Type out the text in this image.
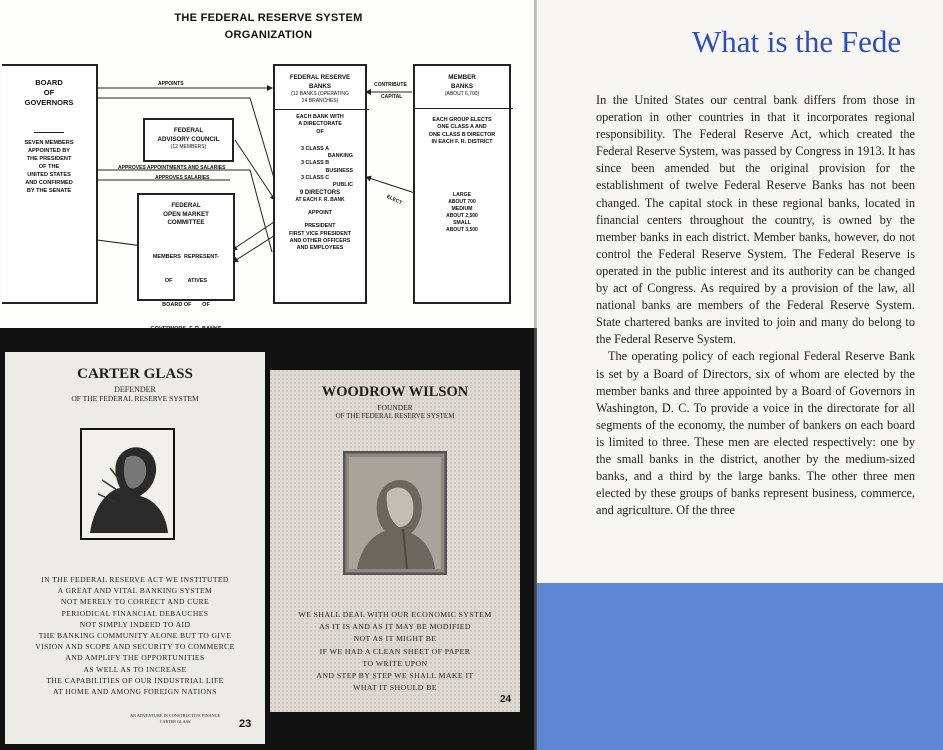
THE FEDERAL RESERVE SYSTEM
ORGANIZATION
BOARD
OF
GOVERNORS
SEVEN MEMBERS
APPOINTED BY
THE PRESIDENT
OF THE
UNITED STATES
AND CONFIRMED
BY THE SENATE
FEDERAL
ADVISORY COUNCIL
(12 MEMBERS)
FEDERAL
OPEN MARKET
COMMITTEE

MEMBERS  REPRESENT-

OF          ATIVES

BOARD OF       OF

GOVERNORS  F. R. BANKS

FEDERAL RESERVE
BANKS
(12 BANKS (OPERATING
24 BRANCHES)
EACH BANK WITH
A DIRECTORATE
OF
3 CLASS A
BANKING
3 CLASS B
BUSINESS
3 CLASS C
PUBLIC
9 DIRECTORS
AT EACH F. R. BANK
APPOINT
PRESIDENT
FIRST VICE PRESIDENT
AND OTHER OFFICERS
AND EMPLOYEES
MEMBER
BANKS
(ABOUT 6,700)
EACH GROUP ELECTS
ONE CLASS A AND
ONE CLASS B DIRECTOR
IN EACH F. R. DISTRICT
LARGE
ABOUT 700
MEDIUM
ABOUT 2,500
SMALL
ABOUT 3,500
APPOINTS	CONTRIBUTE
CAPITAL
APPROVES APPOINTMENTS AND SALARIES
APPROVES SALARIES
ELECT
CARTER GLASS
DEFENDER
OF THE FEDERAL RESERVE SYSTEM
IN THE FEDERAL RESERVE ACT WE INSTITUTED
A GREAT AND VITAL BANKING SYSTEM
NOT MERELY TO CORRECT AND CURE
PERIODICAL FINANCIAL DEBAUCHES
NOT SIMPLY INDEED TO AID
THE BANKING COMMUNITY ALONE BUT TO GIVE
VISION AND SCOPE AND SECURITY TO COMMERCE
AND AMPLIFY THE OPPORTUNITIES
AS WELL AS TO INCREASE
THE CAPABILITIES OF OUR INDUSTRIAL LIFE
AT HOME AND AMONG FOREIGN NATIONS
AN ADVENTURE IN CONSTRUCTIVE FINANCE
CARTER GLASS	23
WOODROW WILSON
FOUNDER
OF THE FEDERAL RESERVE SYSTEM
WE SHALL DEAL WITH OUR ECONOMIC SYSTEM
AS IT IS AND AS IT MAY BE MODIFIED
NOT AS IT MIGHT BE
IF WE HAD A CLEAN SHEET OF PAPER
TO WRITE UPON
AND STEP BY STEP WE SHALL MAKE IT
WHAT IT SHOULD BE
24
What is the Fede

In the United States our central bank differs from those in operation in other countries in that it incorporates regional responsibility. The Federal Reserve Act, which created the Federal Reserve System, was passed by Congress in 1913. It has since been amended but the original provision for the establishment of twelve Federal Reserve Banks has not been changed. The capital stock in these regional banks, located in financial centers throughout the country, is owned by the member banks in each district. Member banks, however, do not control the Federal Reserve System. The Federal Reserve is operated in the public interest and its authority can be changed by act of Congress. As required by a provision of the law, all national banks are members of the Federal Reserve System. State chartered banks are invited to join and many do belong to the Federal Reserve System.

The operating policy of each regional Federal Reserve Bank is set by a Board of Directors, six of whom are elected by the member banks and three appointed by a Board of Governors in Washington, D. C. To provide a voice in the directorate for all segments of the economy, the number of bankers on each board is limited to three. These men are elected respectively: one by the small banks in the district, another by the medium-sized banks, and a third by the large banks. The other three men elected by these groups of banks represent business, commerce, and agriculture. Of the three
